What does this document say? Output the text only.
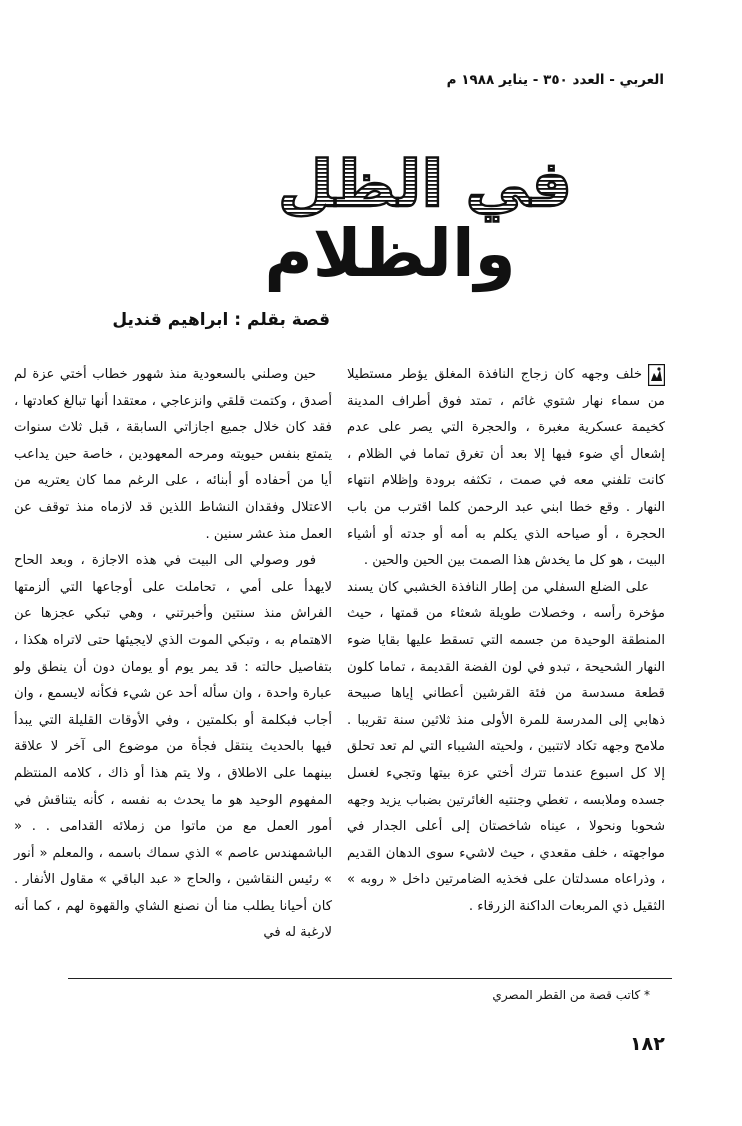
العربي - العدد ٣٥٠ - يناير ١٩٨٨ م
في الظل
والظلام
قصة بقلم : ابراهيم قنديل

خلف وجهه كان زجاج النافذة المغلق يؤطر مستطيلا من سماء نهار شتوي غائم ، تمتد فوق أطراف المدينة كخيمة عسكرية مغبرة ، والحجرة التي يصر على عدم إشعال أي ضوء فيها إلا بعد أن تغرق تماما في الظلام ، كانت تلفني معه في صمت ، تكثفه برودة وإظلام انتهاء النهار . وقع خطا ابني عبد الرحمن كلما اقترب من باب الحجرة ، أو صياحه الذي يكلم به أمه أو جدته أو أشياء البيت ، هو كل ما يخدش هذا الصمت بين الحين والحين .

على الضلع السفلي من إطار النافذة الخشبي كان يسند مؤخرة رأسه ، وخصلات طويلة شعثاء من قمتها ، حيث المنطقة الوحيدة من جسمه التي تسقط عليها بقايا ضوء النهار الشحيحة ، تبدو في لون الفضة القديمة ، تماما كلون قطعة مسدسة من فئة القرشين أعطاني إياها صبيحة ذهابي إلى المدرسة للمرة الأولى منذ ثلاثين سنة تقريبا . ملامح وجهه تكاد لاتتبين ، ولحيته الشيباء التي لم تعد تحلق إلا كل اسبوع عندما تترك أختي عزة بيتها وتجيء لغسل جسده وملابسه ، تغطي وجنتيه الغائرتين بضباب يزيد وجهه شحوبا ونحولا ، عيناه شاخصتان إلى أعلى الجدار في مواجهته ، خلف مقعدي ، حيث لاشيء سوى الدهان القديم ، وذراعاه مسدلتان على فخذيه الضامرتين داخل « روبه » الثقيل ذي المربعات الداكنة الزرقاء .

حين وصلني بالسعودية منذ شهور خطاب أختي عزة لم أصدق ، وكتمت قلقي وانزعاجي ، معتقدا أنها تبالغ كعادتها ، فقد كان خلال جميع اجازاتي السابقة ، قبل ثلاث سنوات يتمتع بنفس حيويته ومرحه المعهودين ، خاصة حين يداعب أيا من أحفاده أو أبنائه ، على الرغم مما كان يعتريه من الاعتلال وفقدان النشاط اللذين قد لازماه منذ توقف عن العمل منذ عشر سنين .

فور وصولي الى البيت في هذه الاجازة ، وبعد الحاح لايهدأ على أمي ، تحاملت على أوجاعها التي ألزمتها الفراش منذ سنتين وأخبرتني ، وهي تبكي عجزها عن الاهتمام به ، وتبكي الموت الذي لايجيئها حتى لاتراه هكذا ، بتفاصيل حالته : قد يمر يوم أو يومان دون أن ينطق ولو عبارة واحدة ، وان سأله أحد عن شيء فكأنه لايسمع ، وان أجاب فبكلمة أو بكلمتين ، وفي الأوقات القليلة التي يبدأ فيها بالحديث ينتقل فجأة من موضوع الى آخر لا علاقة بينهما على الاطلاق ، ولا يتم هذا أو ذاك ، كلامه المنتظم المفهوم الوحيد هو ما يحدث به نفسه ، كأنه يتناقش في أمور العمل مع من ماتوا من زملائه القدامى . . « الباشمهندس عاصم » الذي سماك باسمه ، والمعلم « أنور » رئيس النقاشين ، والحاج « عبد الباقي » مقاول الأنفار . كان أحيانا يطلب منا أن نصنع الشاي والقهوة لهم ، كما أنه لارغبة له في

* كاتب قصة من القطر المصري
١٨٢
